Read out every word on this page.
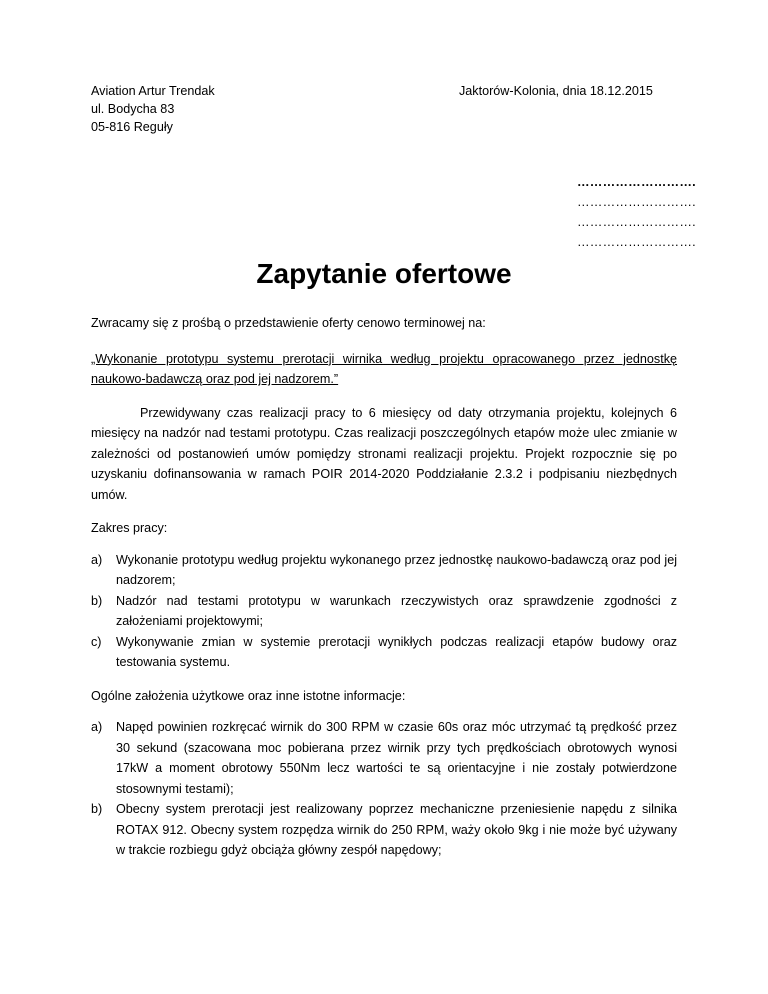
Aviation Artur Trendak
ul. Bodycha 83
05-816 Reguły
Jaktorów-Kolonia, dnia 18.12.2015
……………………….
……………………….
……………………….
……………………….
Zapytanie ofertowe

Zwracamy się z prośbą o przedstawienie oferty cenowo terminowej na:

„Wykonanie prototypu systemu prerotacji wirnika według projektu opracowanego przez jednostkę naukowo-badawczą oraz pod jej nadzorem.”

Przewidywany czas realizacji pracy to 6 miesięcy od daty otrzymania projektu, kolejnych 6 miesięcy na nadzór nad testami prototypu. Czas realizacji poszczególnych etapów może ulec zmianie w zależności od postanowień umów pomiędzy stronami realizacji projektu. Projekt rozpocznie się po uzyskaniu dofinansowania w ramach POIR 2014-2020 Poddziałanie 2.3.2 i podpisaniu niezbędnych umów.

Zakres pracy:

a) Wykonanie prototypu według projektu wykonanego przez jednostkę naukowo-badawczą oraz pod jej nadzorem;
b) Nadzór nad testami prototypu w warunkach rzeczywistych oraz sprawdzenie zgodności z założeniami projektowymi;
c) Wykonywanie zmian w systemie prerotacji wynikłych podczas realizacji etapów budowy oraz testowania systemu.

Ogólne założenia użytkowe oraz inne istotne informacje:

a) Napęd powinien rozkręcać wirnik do 300 RPM w czasie 60s oraz móc utrzymać tą prędkość przez 30 sekund (szacowana moc pobierana przez wirnik przy tych prędkościach obrotowych wynosi 17kW a moment obrotowy 550Nm lecz wartości te są orientacyjne i nie zostały potwierdzone stosownymi testami);
b) Obecny system prerotacji jest realizowany poprzez mechaniczne przeniesienie napędu z silnika ROTAX 912. Obecny system rozpędza wirnik do 250 RPM, waży około 9kg i nie może być używany w trakcie rozbiegu gdyż obciąża główny zespół napędowy;
